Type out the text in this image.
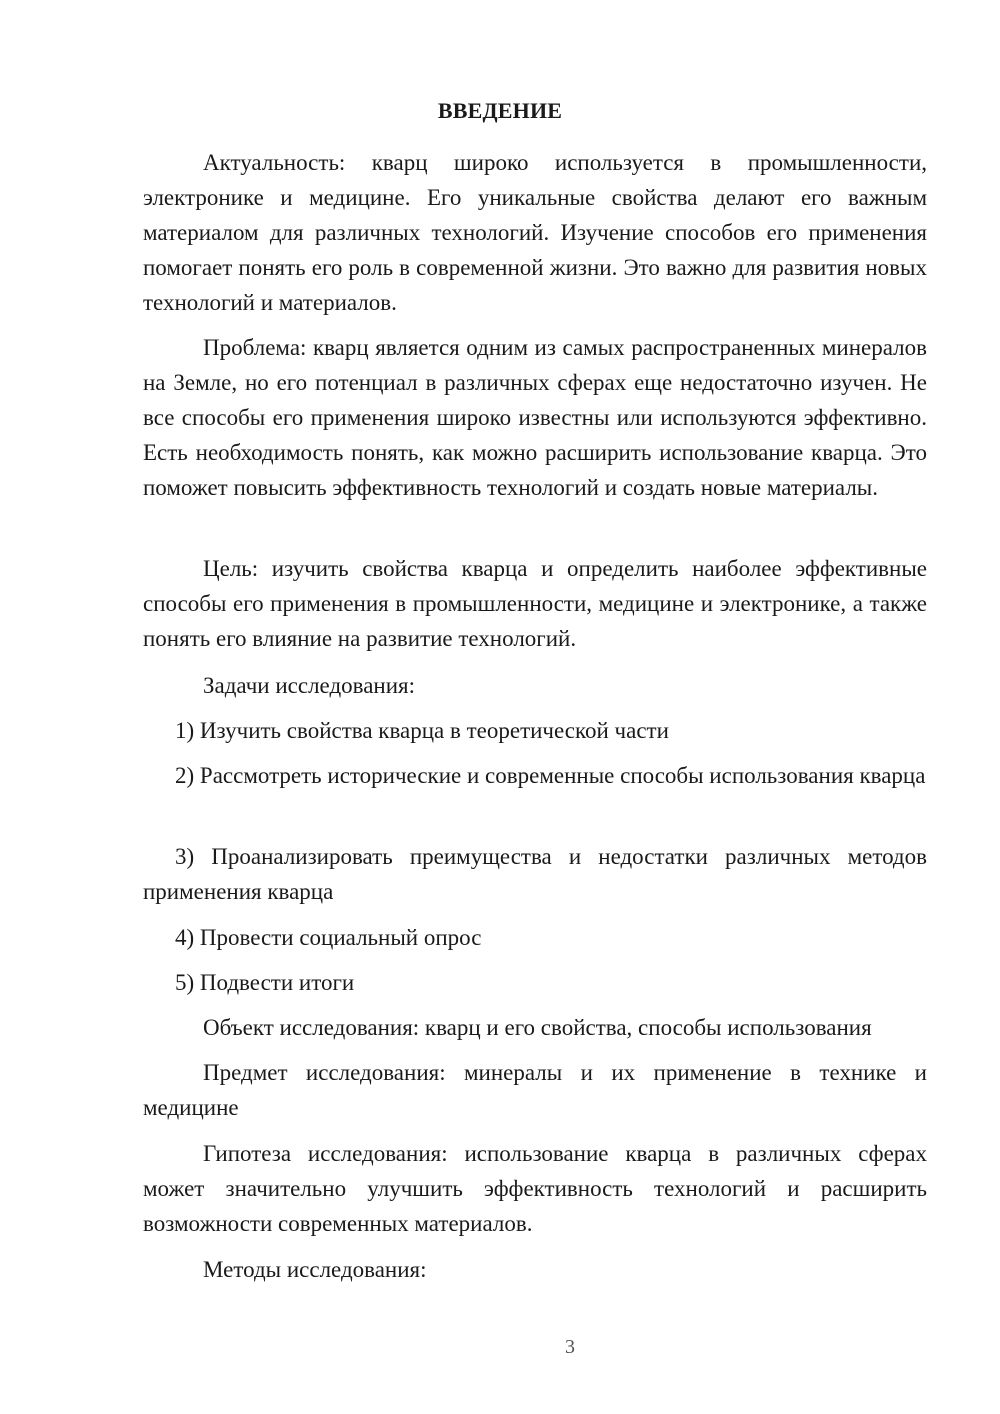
ВВЕДЕНИЕ

Актуальность: кварц широко используется в промышленности, электронике и медицине. Его уникальные свойства делают его важным материалом для различных технологий. Изучение способов его применения помогает понять его роль в современной жизни. Это важно для развития новых технологий и материалов.

Проблема: кварц является одним из самых распространенных минералов на Земле, но его потенциал в различных сферах еще недостаточно изучен. Не все способы его применения широко известны или используются эффективно. Есть необходимость понять, как можно расширить использование кварца. Это поможет повысить эффективность технологий и создать новые материалы.

Цель: изучить свойства кварца и определить наиболее эффективные способы его применения в промышленности, медицине и электронике, а также понять его влияние на развитие технологий.

Задачи исследования:

1) Изучить свойства кварца в теоретической части

2) Рассмотреть исторические и современные способы использования кварца

3) Проанализировать преимущества и недостатки различных методов применения кварца

4) Провести социальный опрос

5) Подвести итоги

Объект исследования: кварц и его свойства, способы использования

Предмет исследования: минералы и их применение в технике и медицине

Гипотеза исследования: использование кварца в различных сферах может значительно улучшить эффективность технологий и расширить возможности современных материалов.

Методы исследования:

3
